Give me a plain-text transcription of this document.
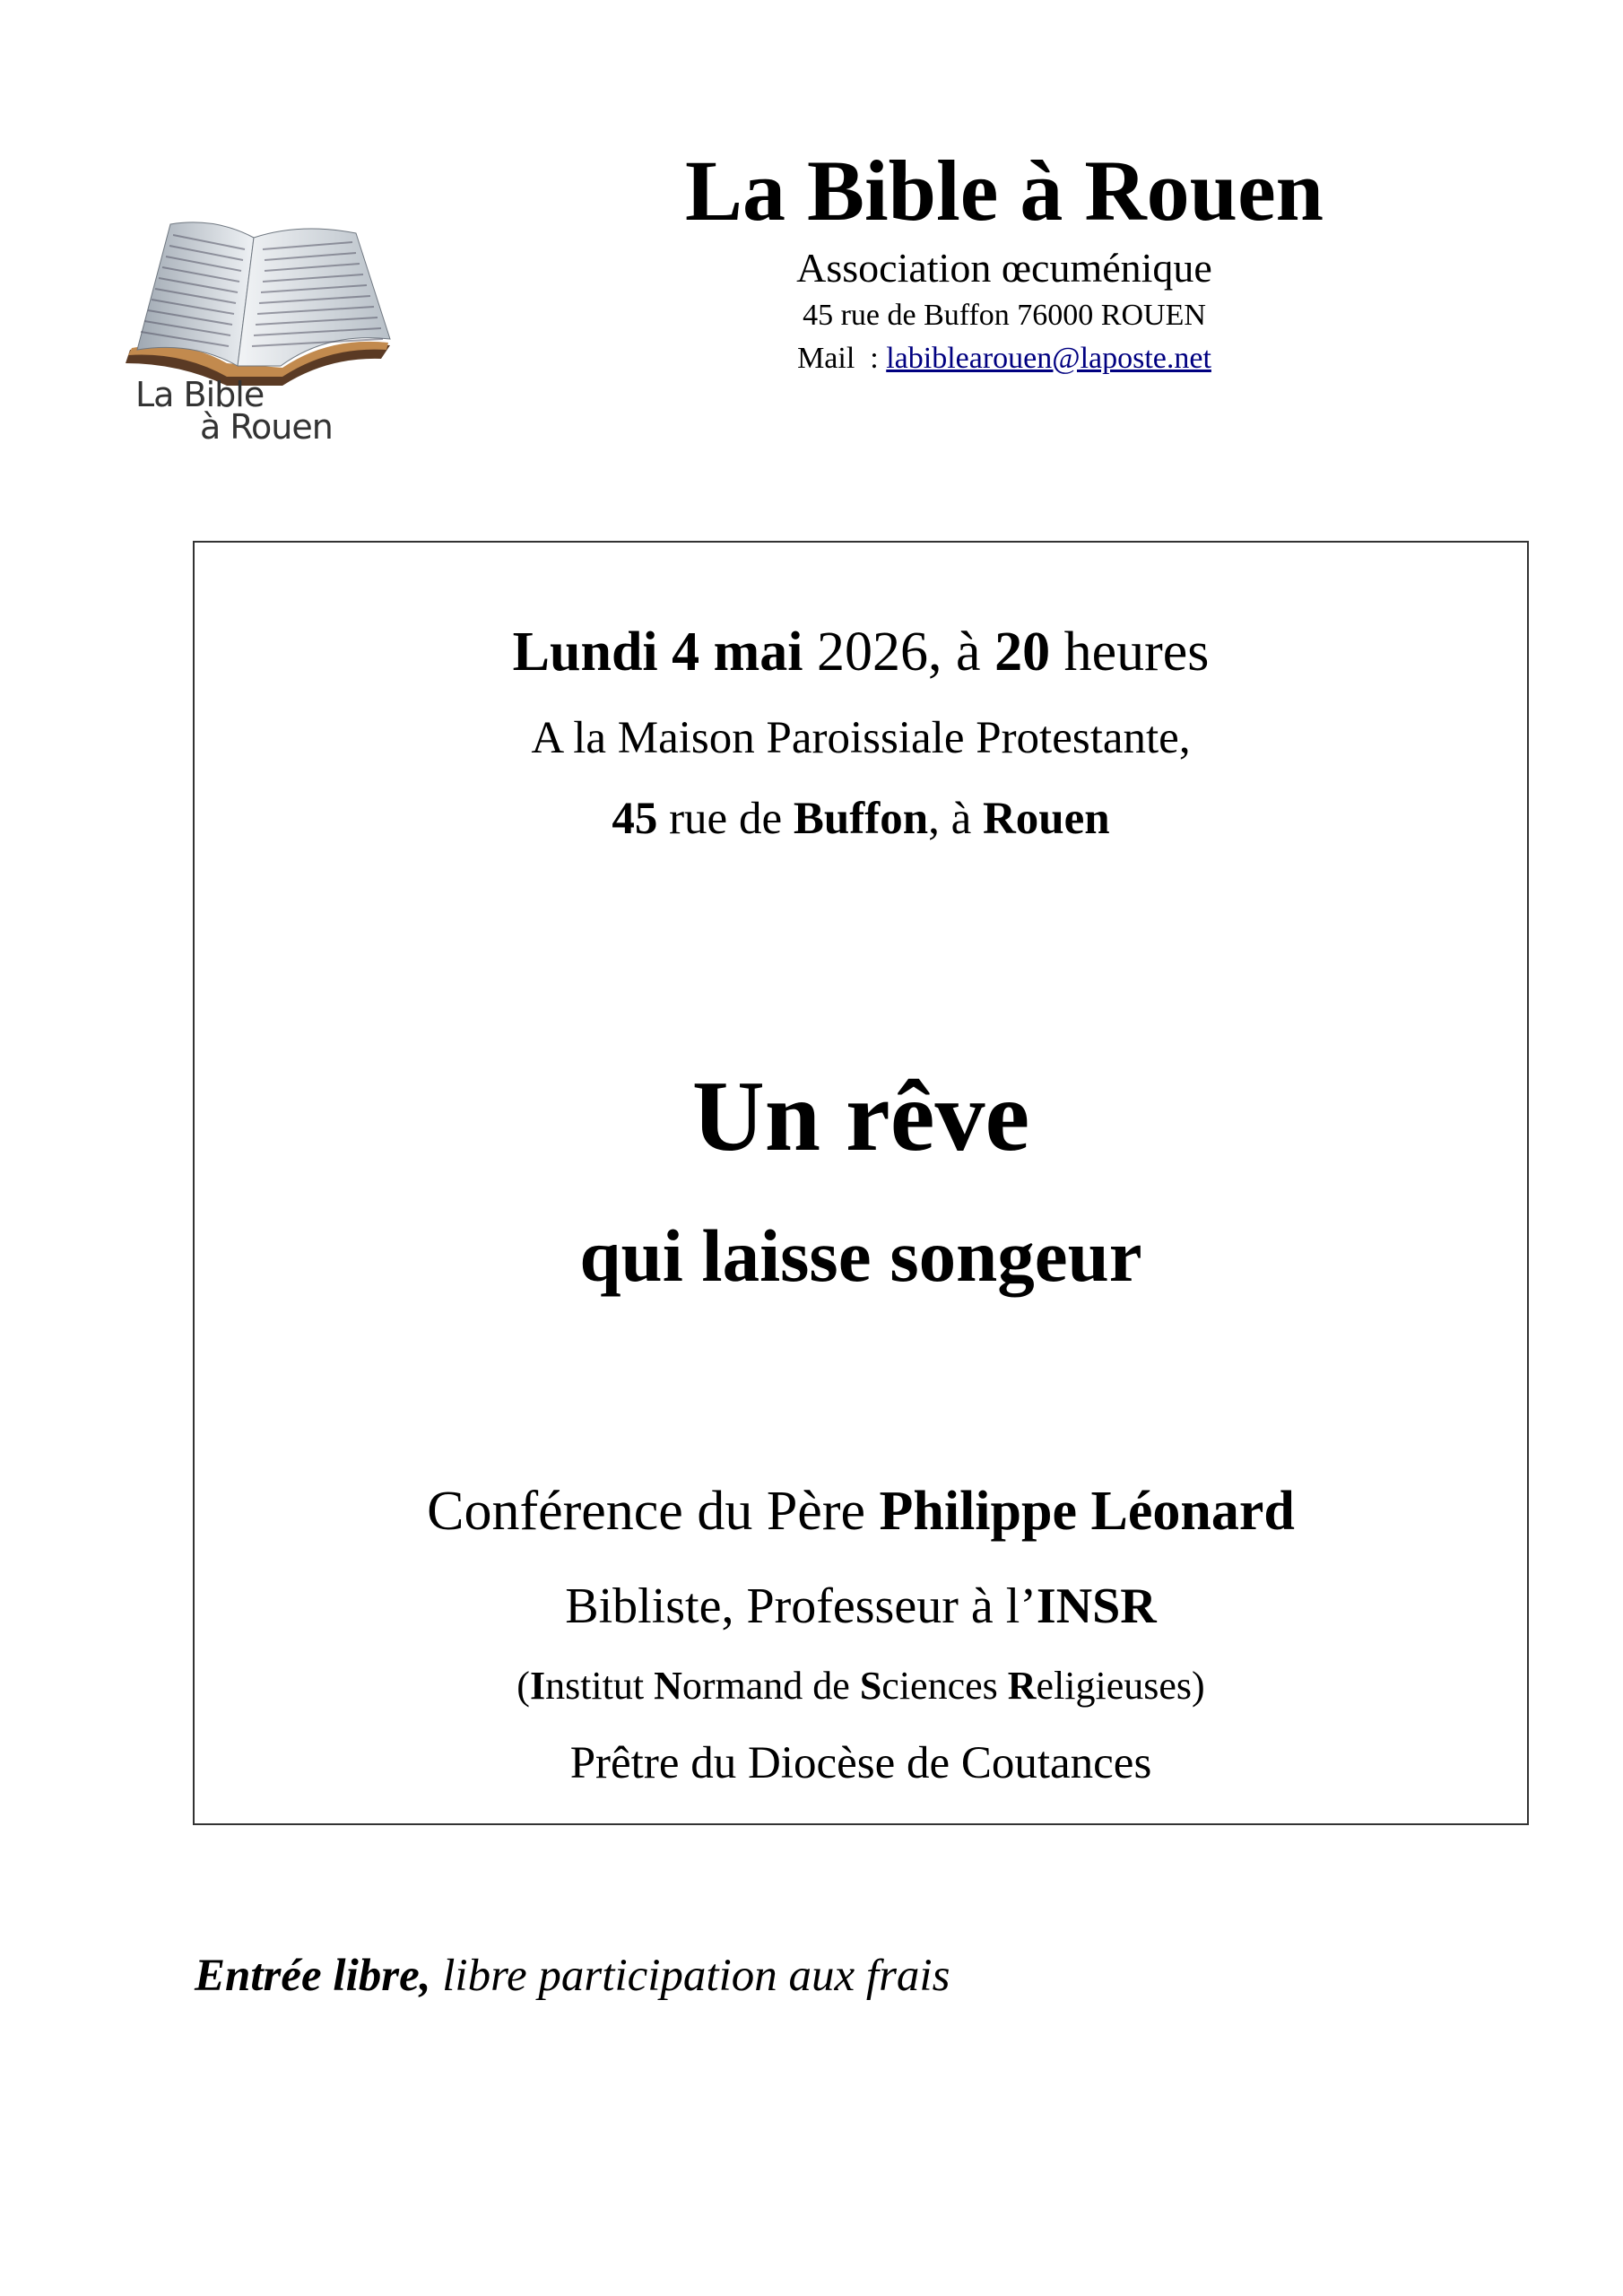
La Bible
à Rouen
La Bible à Rouen
Association œcuménique
45 rue de Buffon 76000 ROUEN
Mail  : labiblearouen@laposte.net
Lundi 4 mai 2026, à 20 heures
A la Maison Paroissiale Protestante,
45 rue de Buffon, à Rouen
Un rêve
qui laisse songeur
Conférence du Père Philippe Léonard
Bibliste, Professeur à l’INSR
(Institut Normand de Sciences Religieuses)
Prêtre du Diocèse de Coutances
Entrée libre, libre participation aux frais
